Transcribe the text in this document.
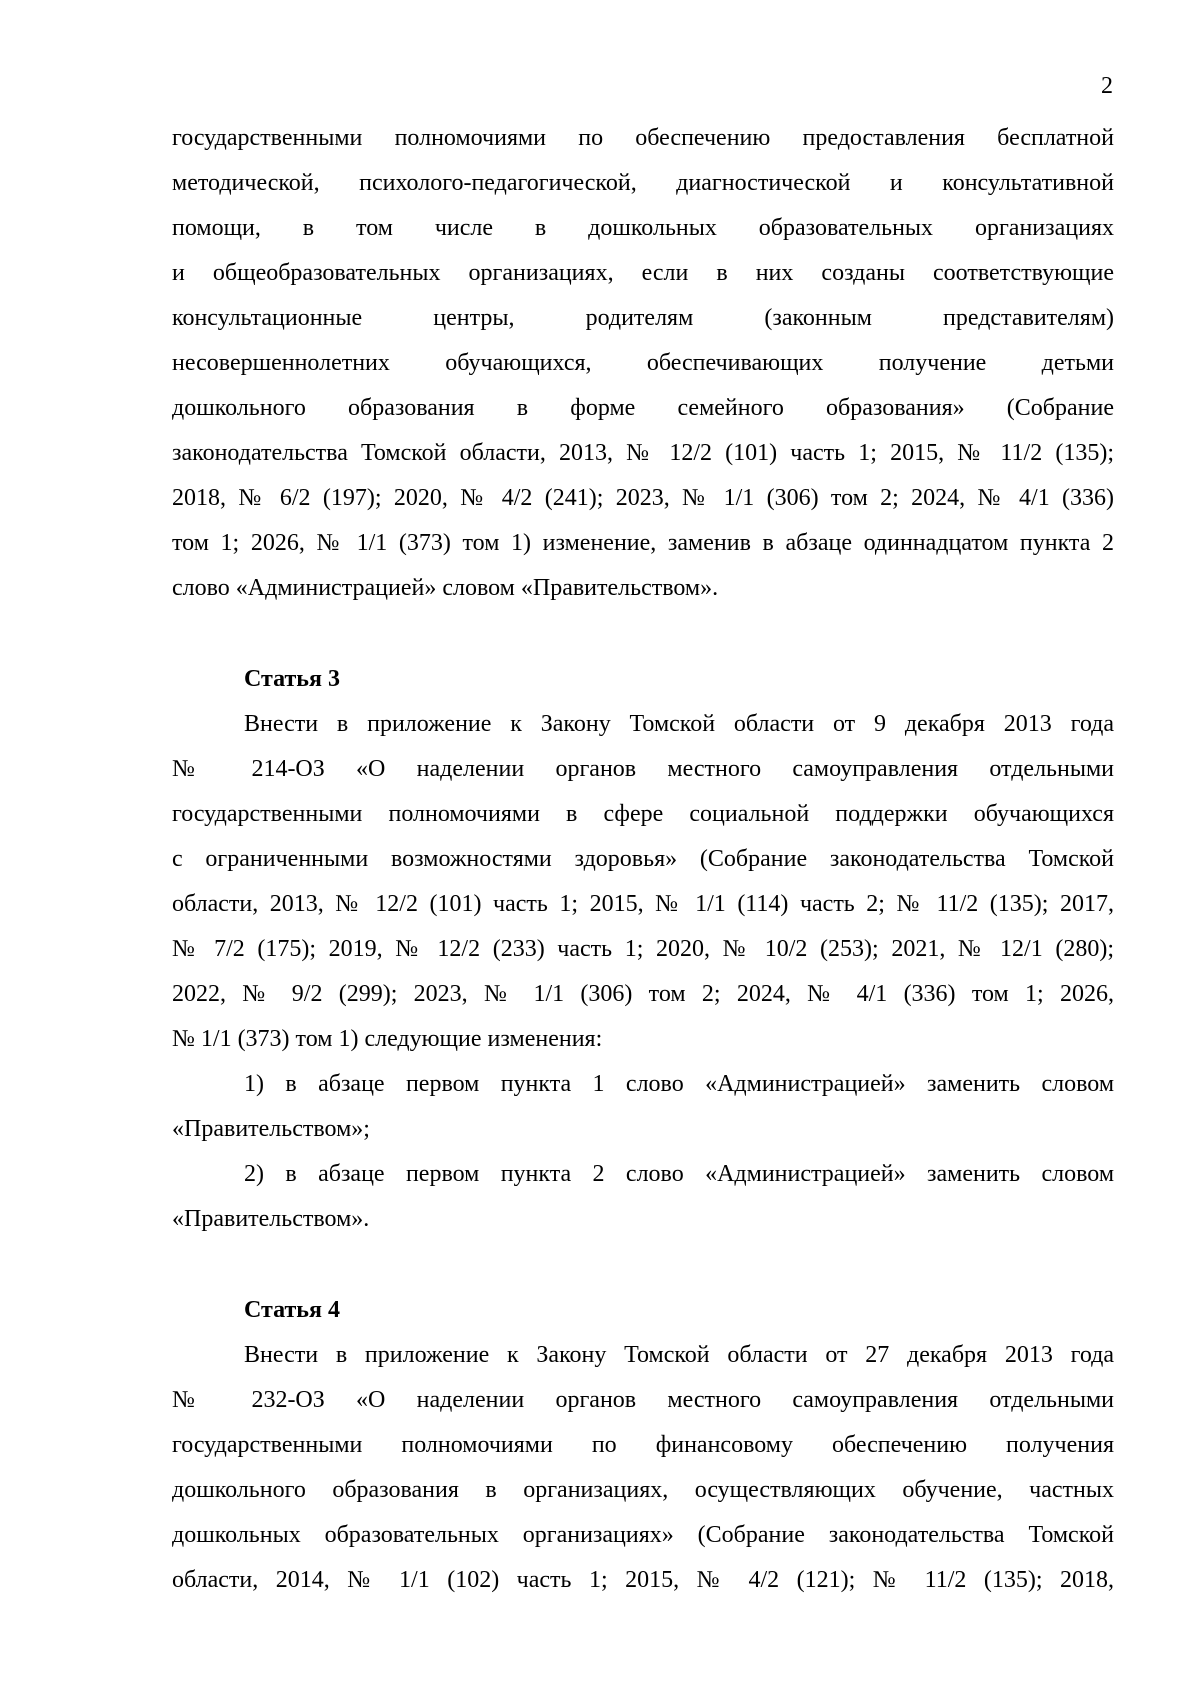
2
государственными полномочиями по обеспечению предоставления бесплатной
методической, психолого-педагогической, диагностической и консультативной
помощи, в том числе в дошкольных образовательных организациях
и общеобразовательных организациях, если в них созданы соответствующие
консультационные центры, родителям (законным представителям)
несовершеннолетних обучающихся, обеспечивающих получение детьми
дошкольного образования в форме семейного образования» (Собрание
законодательства Томской области, 2013, № 12/2 (101) часть 1; 2015, № 11/2 (135);
2018, № 6/2 (197); 2020, № 4/2 (241); 2023, № 1/1 (306) том 2; 2024, № 4/1 (336)
том 1; 2026, № 1/1 (373) том 1) изменение, заменив в абзаце одиннадцатом пункта 2
слово «Администрацией» словом «Правительством».
Статья 3
Внести в приложение к Закону Томской области от 9 декабря 2013 года
№ 214-ОЗ «О наделении органов местного самоуправления отдельными
государственными полномочиями в сфере социальной поддержки обучающихся
с ограниченными возможностями здоровья» (Собрание законодательства Томской
области, 2013, № 12/2 (101) часть 1; 2015, № 1/1 (114) часть 2; № 11/2 (135); 2017,
№ 7/2 (175); 2019, № 12/2 (233) часть 1; 2020, № 10/2 (253); 2021, № 12/1 (280);
2022, № 9/2 (299); 2023, № 1/1 (306) том 2; 2024, № 4/1 (336) том 1; 2026,
№ 1/1 (373) том 1) следующие изменения:
1) в абзаце первом пункта 1 слово «Администрацией» заменить словом
«Правительством»;
2) в абзаце первом пункта 2 слово «Администрацией» заменить словом
«Правительством».
Статья 4
Внести в приложение к Закону Томской области от 27 декабря 2013 года
№ 232-ОЗ «О наделении органов местного самоуправления отдельными
государственными полномочиями по финансовому обеспечению получения
дошкольного образования в организациях, осуществляющих обучение, частных
дошкольных образовательных организациях» (Собрание законодательства Томской
области, 2014, № 1/1 (102) часть 1; 2015, № 4/2 (121); № 11/2 (135); 2018,
